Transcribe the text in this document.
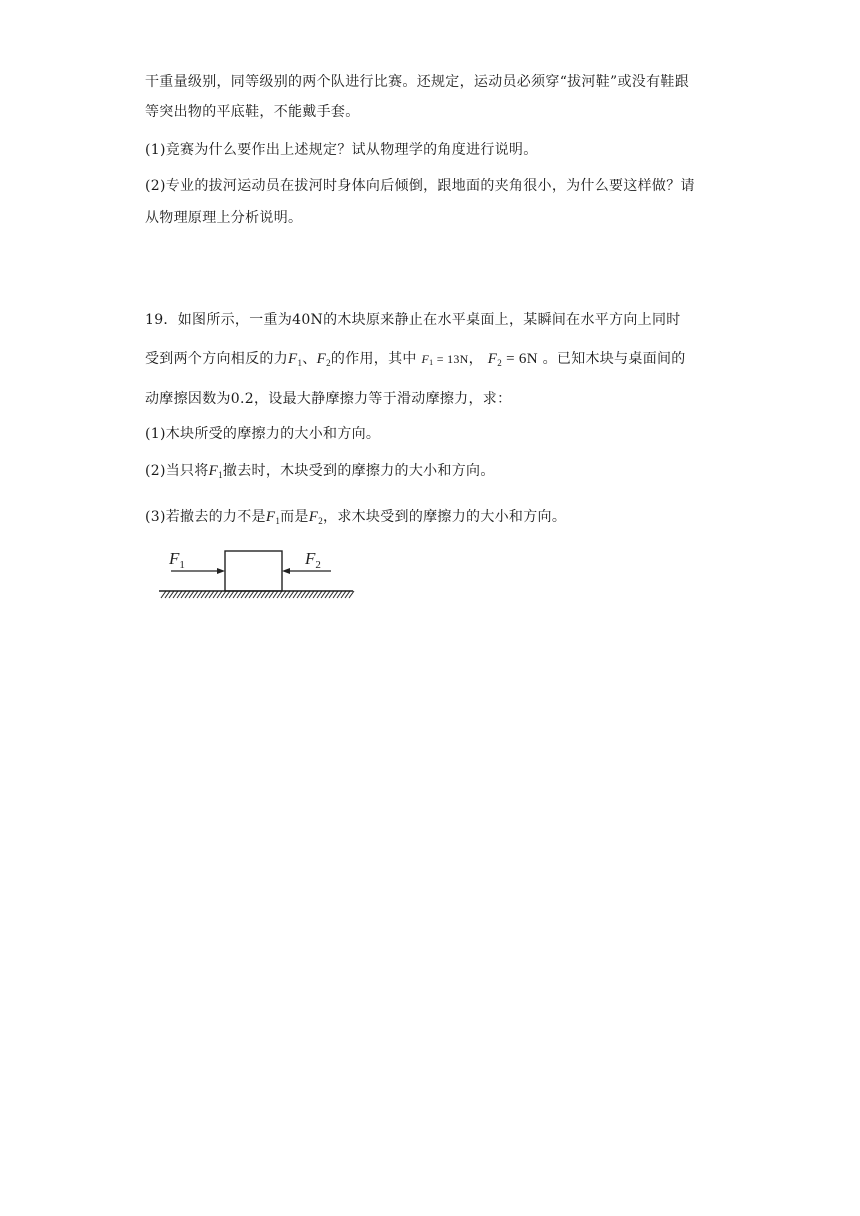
干重量级别，同等级别的两个队进行比赛。还规定，运动员必须穿“拔河鞋”或没有鞋跟
等突出物的平底鞋，不能戴手套。
(1)竞赛为什么要作出上述规定？试从物理学的角度进行说明。
(2)专业的拔河运动员在拔河时身体向后倾倒，跟地面的夹角很小，为什么要这样做？请
从物理原理上分析说明。
19．如图所示，一重为40N的木块原来静止在水平桌面上，某瞬间在水平方向上同时
受到两个方向相反的力$F_1$、$F_2$的作用，其中 $F_1 = 13N$， $F_2 = 6N$ 。已知木块与桌面间的
动摩擦因数为0.2，设最大静摩擦力等于滑动摩擦力，求：
(1)木块所受的摩擦力的大小和方向。
(2)当只将$F_1$撤去时，木块受到的摩擦力的大小和方向。
(3)若撤去的力不是$F_1$而是$F_2$，求木块受到的摩擦力的大小和方向。
$F_1$	$F_2$
